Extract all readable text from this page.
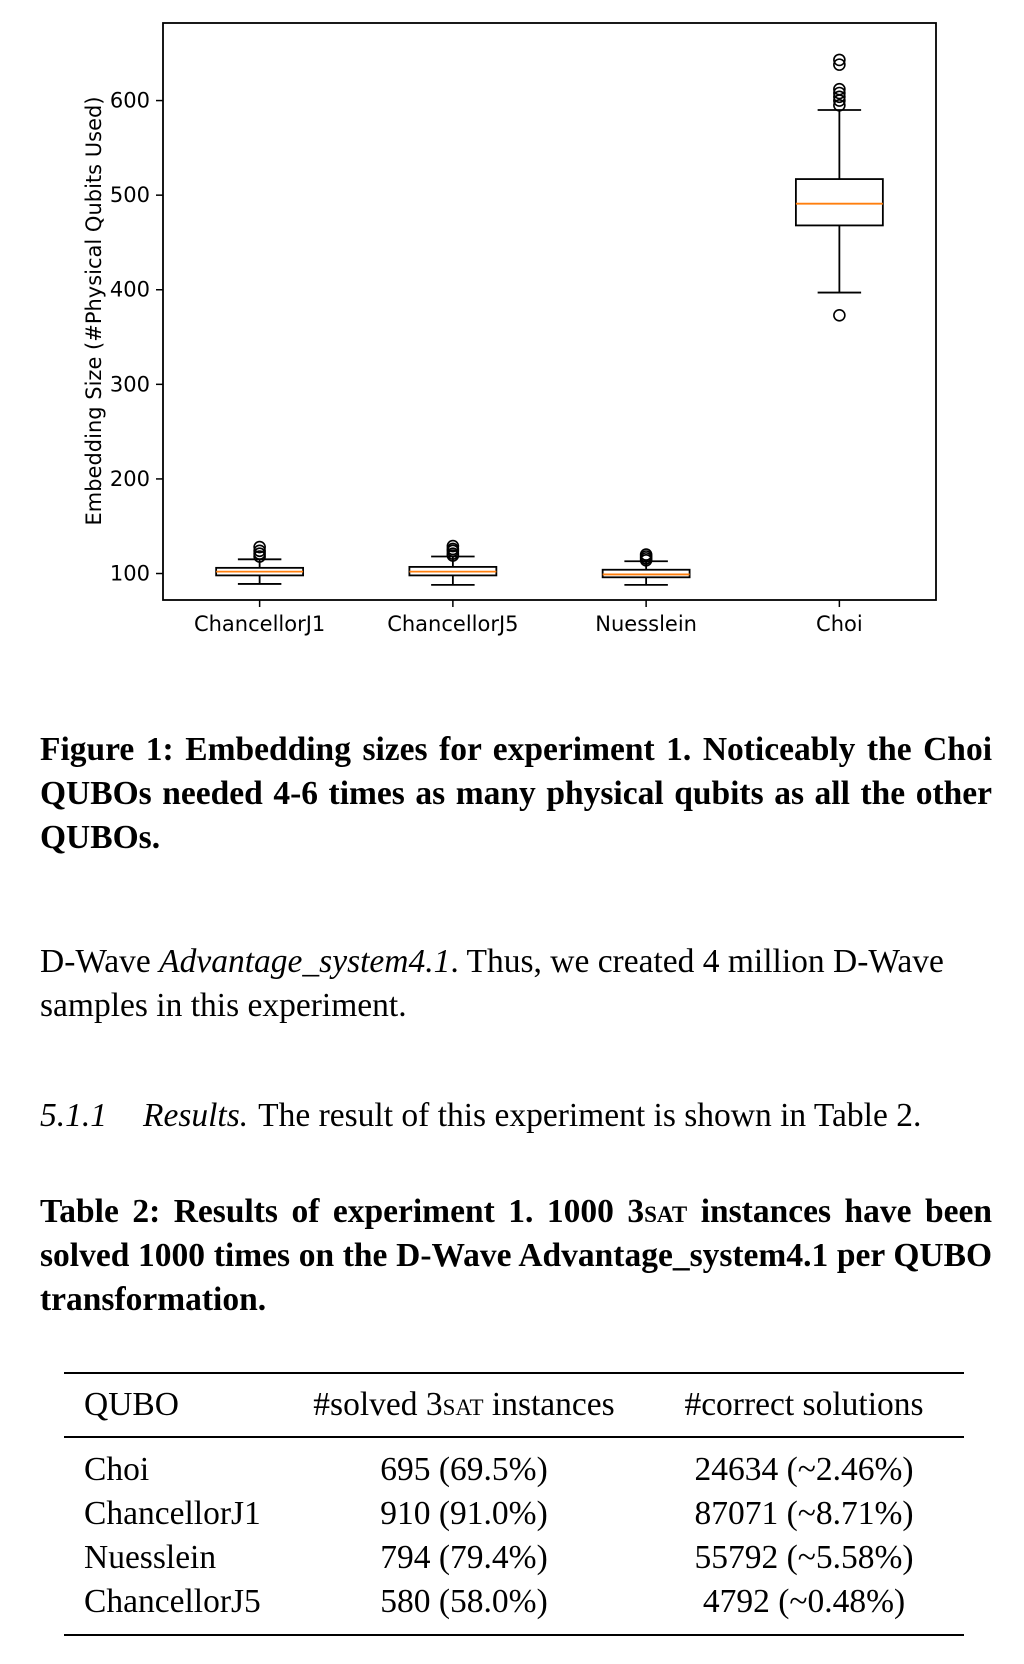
100
200
300
400
500
600
ChancellorJ1	ChancellorJ5	Nuesslein	Choi
Embedding Size (#Physical Qubits Used)
Figure 1: Embedding sizes for experiment 1. Noticeably the Choi QUBOs needed 4-6 times as many physical qubits as all the other QUBOs.
D-Wave Advantage_system4.1. Thus, we created 4 million D-Wave samples in this experiment.
5.1.1 Results. The result of this experiment is shown in Table 2.
Table 2: Results of experiment 1. 1000 3sat instances have been solved 1000 times on the D-Wave Advantage_system4.1 per QUBO transformation.
QUBO	#solved 3sat instances	#correct solutions
Choi	695 (69.5%)	24634 (~2.46%)
ChancellorJ1	910 (91.0%)	87071 (~8.71%)
Nuesslein	794 (79.4%)	55792 (~5.58%)
ChancellorJ5	580 (58.0%)	4792 (~0.48%)
